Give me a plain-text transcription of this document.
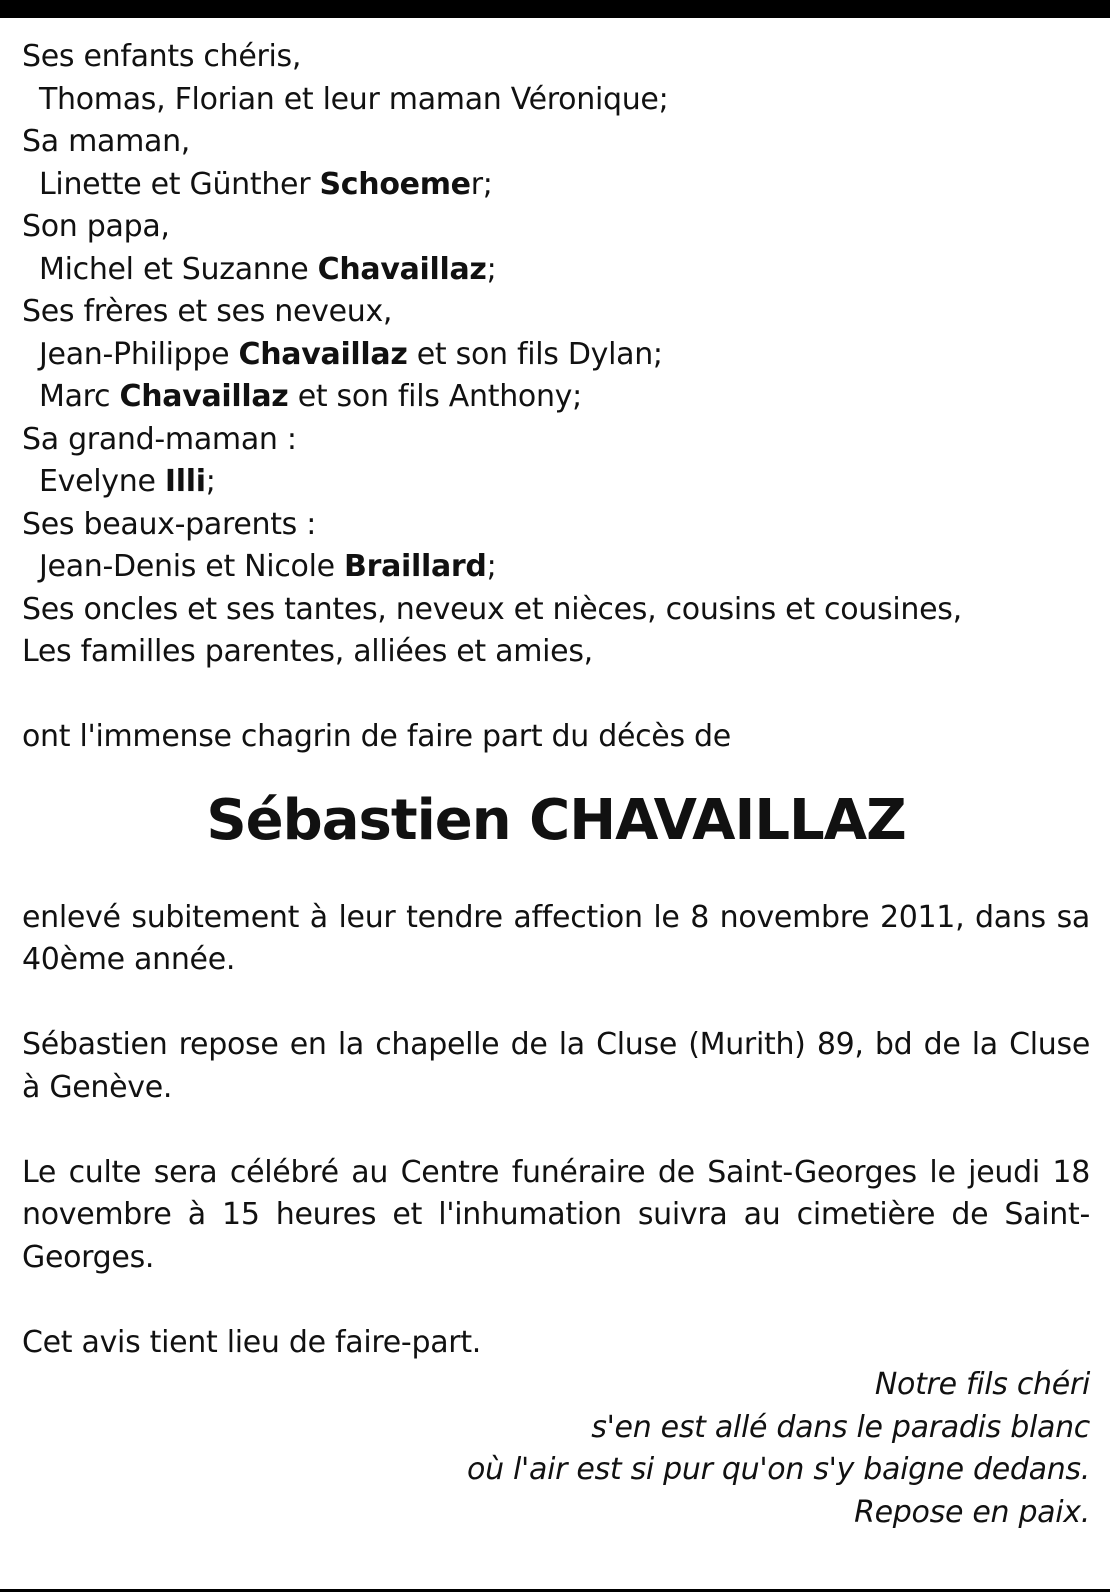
Ses enfants chéris,
Thomas, Florian et leur maman Véronique;
Sa maman,
Linette et Günther Schoemer;
Son papa,
Michel et Suzanne Chavaillaz;
Ses frères et ses neveux,
Jean-Philippe Chavaillaz et son fils Dylan;
Marc Chavaillaz et son fils Anthony;
Sa grand-maman :
Evelyne Illi;
Ses beaux-parents :
Jean-Denis et Nicole Braillard;
Ses oncles et ses tantes, neveux et nièces, cousins et cousines,
Les familles parentes, alliées et amies,
ont l'immense chagrin de faire part du décès de
Sébastien CHAVAILLAZ
enlevé subitement à leur tendre affection le 8 novembre 2011, dans sa 40ème année.
Sébastien repose en la chapelle de la Cluse (Murith) 89, bd de la Cluse à Genève.
Le culte sera célébré au Centre funéraire de Saint-Georges le jeudi 18 novembre à 15 heures et l'inhumation suivra au cimetière de Saint-Georges.
Cet avis tient lieu de faire-part.
Notre fils chéri
s'en est allé dans le paradis blanc
où l'air est si pur qu'on s'y baigne dedans.
Repose en paix.
